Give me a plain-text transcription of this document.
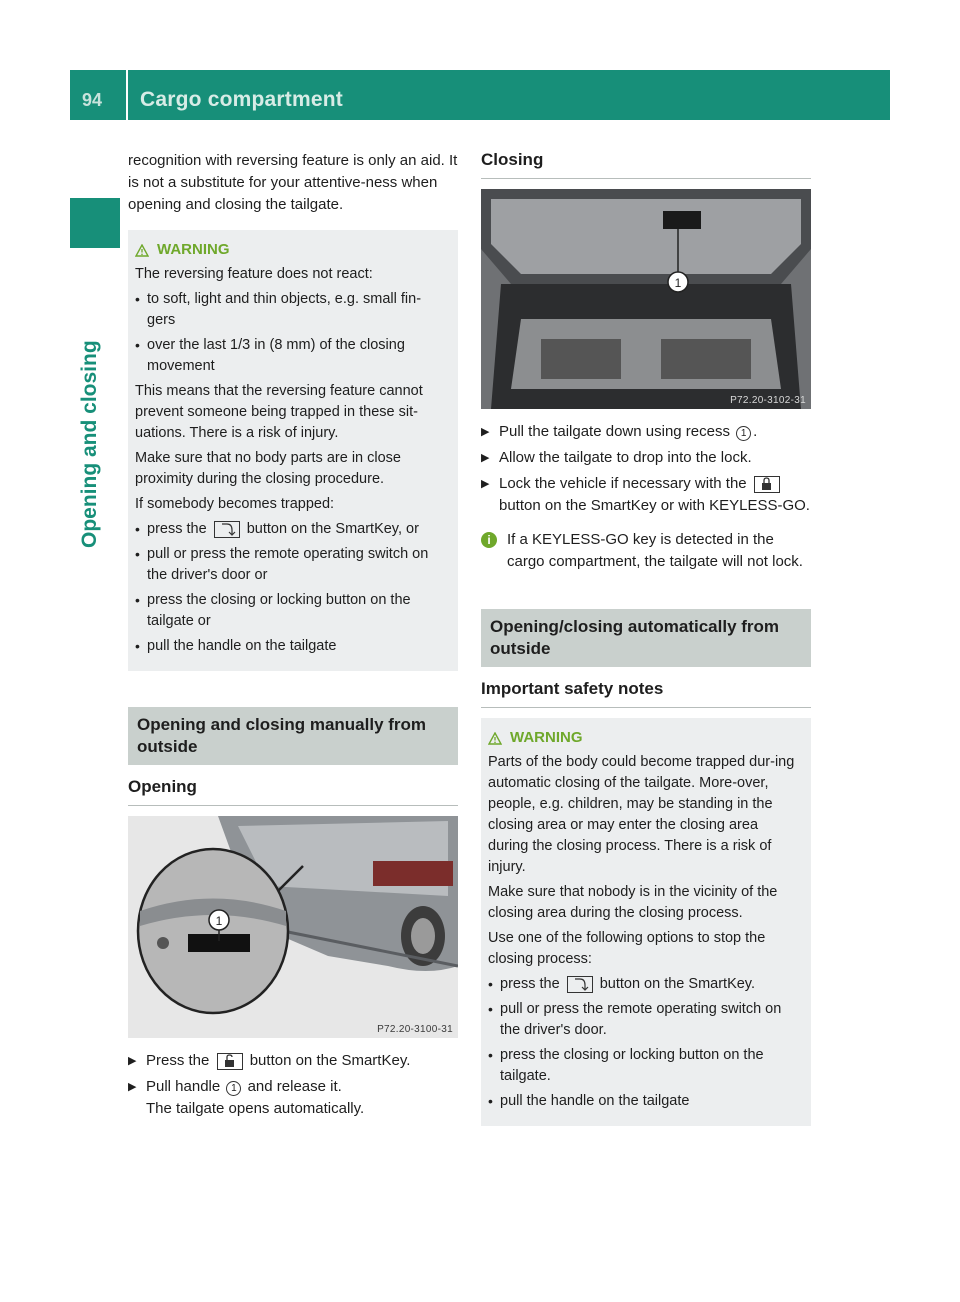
94 Cargo compartment
Opening and closing

recognition with reversing feature is only an aid. It is not a substitute for your attentive-ness when opening and closing the tailgate.

WARNING

The reversing feature does not react:

• to soft, light and thin objects, e.g. small fin-gers
• over the last 1/3 in (8 mm) of the closing movement

This means that the reversing feature cannot prevent someone being trapped in these sit-uations. There is a risk of injury.

Make sure that no body parts are in close proximity during the closing procedure.

If somebody becomes trapped:

• press the	button on the SmartKey, or
• pull or press the remote operating switch on the driver's door or
• press the closing or locking button on the tailgate or
• pull the handle on the tailgate
Opening and closing manually from outside
Opening
1
P72.20-3100-31
▶ Press the	button on the SmartKey.
▶ Pull handle 1 and release it.
The tailgate opens automatically.
Closing
1
P72.20-3102-31
▶ Pull the tailgate down using recess 1 .
▶ Allow the tailgate to drop into the lock.
▶ Lock the vehicle if necessary with the  button on the SmartKey or with KEYLESS-GO.
i	If a KEYLESS-GO key is detected in the cargo compartment, the tailgate will not lock.

Opening/closing automatically from outside
Important safety notes
WARNING

Parts of the body could become trapped dur-ing automatic closing of the tailgate. More-over, people, e.g. children, may be standing in the closing area or may enter the closing area during the closing process. There is a risk of injury.

Make sure that nobody is in the vicinity of the closing area during the closing process.

Use one of the following options to stop the closing process:

• press the	button on the SmartKey.
• pull or press the remote operating switch on the driver's door.
• press the closing or locking button on the tailgate.
• pull the handle on the tailgate
